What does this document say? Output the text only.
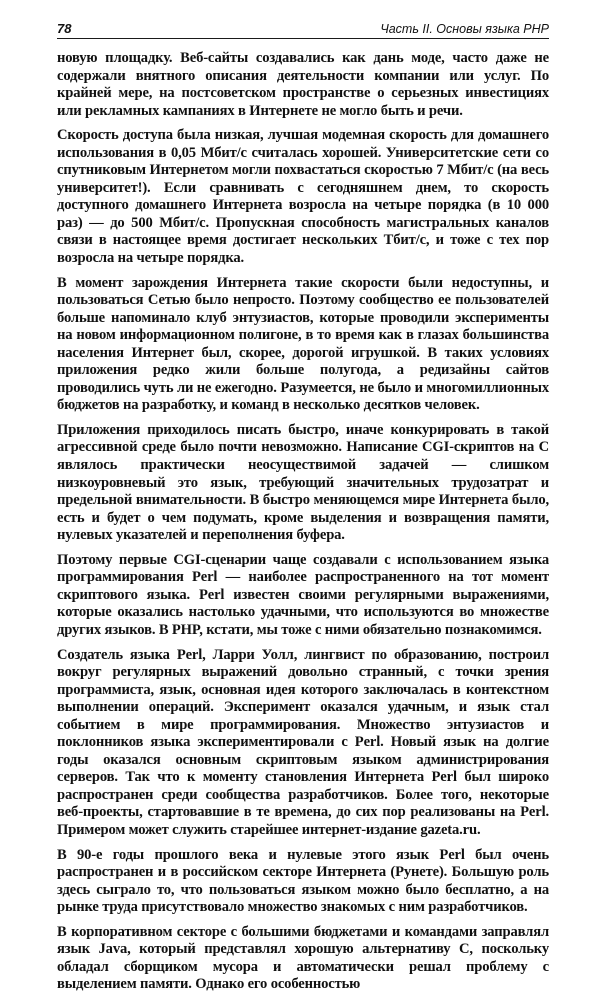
78	Часть II. Основы языка PHP

новую площадку. Веб-сайты создавались как дань моде, часто даже не содержали внятного описания деятельности компании или услуг. По крайней мере, на постсоветском пространстве о серьезных инвестициях или рекламных кампаниях в Интернете не могло быть и речи.

Скорость доступа была низкая, лучшая модемная скорость для домашнего использования в 0,05 Мбит/с считалась хорошей. Университетские сети со спутниковым Интернетом могли похвастаться скоростью 7 Мбит/с (на весь университет!). Если сравнивать с сегодняшнем днем, то скорость доступного домашнего Интернета возросла на четыре порядка (в 10 000 раз) — до 500 Мбит/с. Пропускная способность магистральных каналов связи в настоящее время достигает нескольких Тбит/с, и тоже с тех пор возросла на четыре порядка.

В момент зарождения Интернета такие скорости были недоступны, и пользоваться Сетью было непросто. Поэтому сообщество ее пользователей больше напоминало клуб энтузиастов, которые проводили эксперименты на новом информационном полигоне, в то время как в глазах большинства населения Интернет был, скорее, дорогой игрушкой. В таких условиях приложения редко жили больше полугода, а редизайны сайтов проводились чуть ли не ежегодно. Разумеется, не было и многомиллионных бюджетов на разработку, и команд в несколько десятков человек.

Приложения приходилось писать быстро, иначе конкурировать в такой агрессивной среде было почти невозможно. Написание CGI-скриптов на C являлось практически неосуществимой задачей — слишком низкоуровневый это язык, требующий значительных трудозатрат и предельной внимательности. В быстро меняющемся мире Интернета было, есть и будет о чем подумать, кроме выделения и возвращения памяти, нулевых указателей и переполнения буфера.

Поэтому первые CGI-сценарии чаще создавали с использованием языка программирования Perl — наиболее распространенного на тот момент скриптового языка. Perl известен своими регулярными выражениями, которые оказались настолько удачными, что используются во множестве других языков. В PHP, кстати, мы тоже с ними обязательно познакомимся.

Создатель языка Perl, Ларри Уолл, лингвист по образованию, построил вокруг регулярных выражений довольно странный, с точки зрения программиста, язык, основная идея которого заключалась в контекстном выполнении операций. Эксперимент оказался удачным, и язык стал событием в мире программирования. Множество энтузиастов и поклонников языка экспериментировали с Perl. Новый язык на долгие годы оказался основным скриптовым языком администрирования серверов. Так что к моменту становления Интернета Perl был широко распространен среди сообщества разработчиков. Более того, некоторые веб-проекты, стартовавшие в те времена, до сих пор реализованы на Perl. Примером может служить старейшее интернет-издание gazeta.ru.

В 90-е годы прошлого века и нулевые этого язык Perl был очень распространен и в российском секторе Интернета (Рунете). Большую роль здесь сыграло то, что пользоваться языком можно было бесплатно, а на рынке труда присутствовало множество знакомых с ним разработчиков.

В корпоративном секторе с большими бюджетами и командами заправлял язык Java, который представлял хорошую альтернативу C, поскольку обладал сборщиком мусора и автоматически решал проблему с выделением памяти. Однако его особенностью
